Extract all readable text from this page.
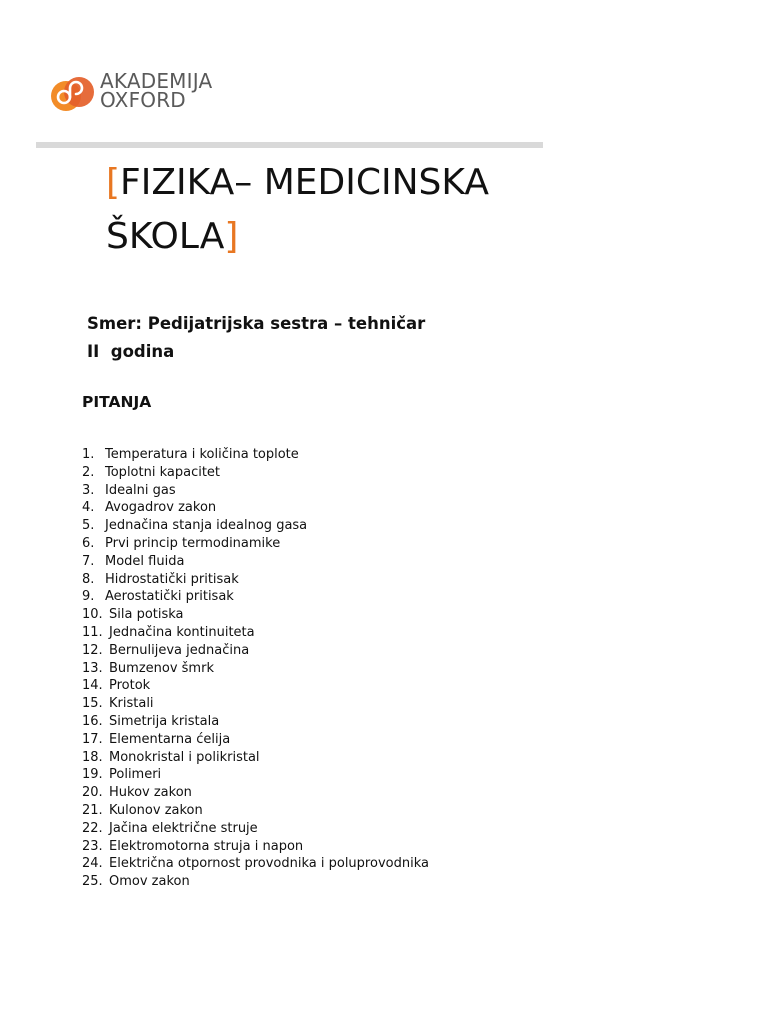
AKADEMIJA
OXFORD
[FIZIKA– MEDICINSKA
ŠKOLA]
Smer: Pedijatrijska sestra – tehničar
II  godina
PITANJA
1. Temperatura i količina toplote
2. Toplotni kapacitet
3. Idealni gas
4. Avogadrov zakon
5. Jednačina stanja idealnog gasa
6. Prvi princip termodinamike
7. Model fluida
8. Hidrostatički pritisak
9. Aerostatički pritisak
10. Sila potiska
11. Jednačina kontinuiteta
12. Bernulijeva jednačina
13. Bumzenov šmrk
14. Protok
15. Kristali
16. Simetrija kristala
17. Elementarna ćelija
18. Monokristal i polikristal
19. Polimeri
20. Hukov zakon
21. Kulonov zakon
22. Jačina električne struje
23. Elektromotorna struja i napon
24. Električna otpornost provodnika i poluprovodnika
25. Omov zakon
